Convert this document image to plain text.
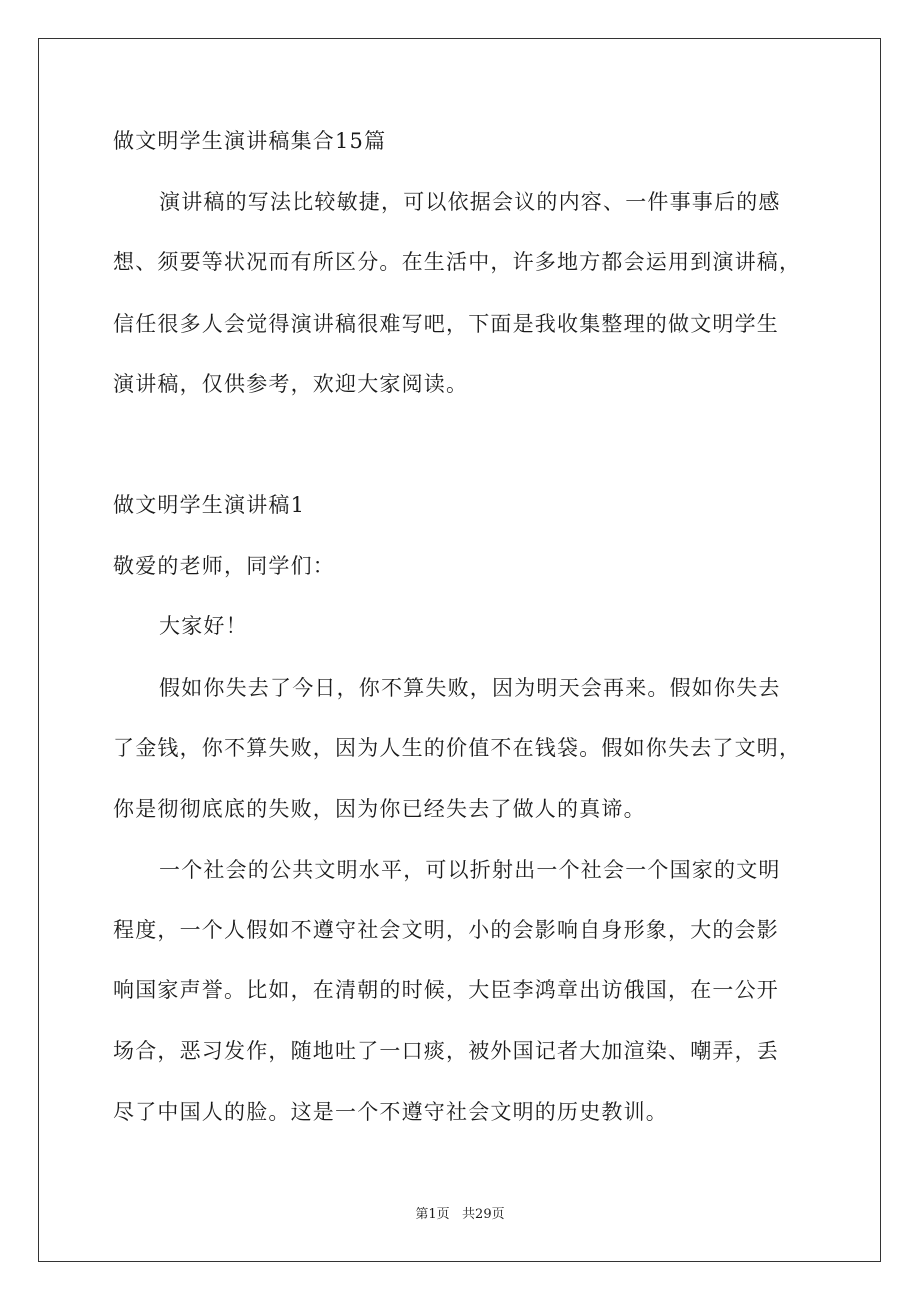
做文明学生演讲稿集合15篇
演讲稿的写法比较敏捷，可以依据会议的内容、一件事事后的感
想、须要等状况而有所区分。在生活中，许多地方都会运用到演讲稿，
信任很多人会觉得演讲稿很难写吧，下面是我收集整理的做文明学生
演讲稿，仅供参考，欢迎大家阅读。
做文明学生演讲稿1
敬爱的老师，同学们：
大家好！
假如你失去了今日，你不算失败，因为明天会再来。假如你失去
了金钱，你不算失败，因为人生的价值不在钱袋。假如你失去了文明，
你是彻彻底底的失败，因为你已经失去了做人的真谛。
一个社会的公共文明水平，可以折射出一个社会一个国家的文明
程度，一个人假如不遵守社会文明，小的会影响自身形象，大的会影
响国家声誉。比如，在清朝的时候，大臣李鸿章出访俄国，在一公开
场合，恶习发作，随地吐了一口痰，被外国记者大加渲染、嘲弄，丢
尽了中国人的脸。这是一个不遵守社会文明的历史教训。
第1页   共29页
